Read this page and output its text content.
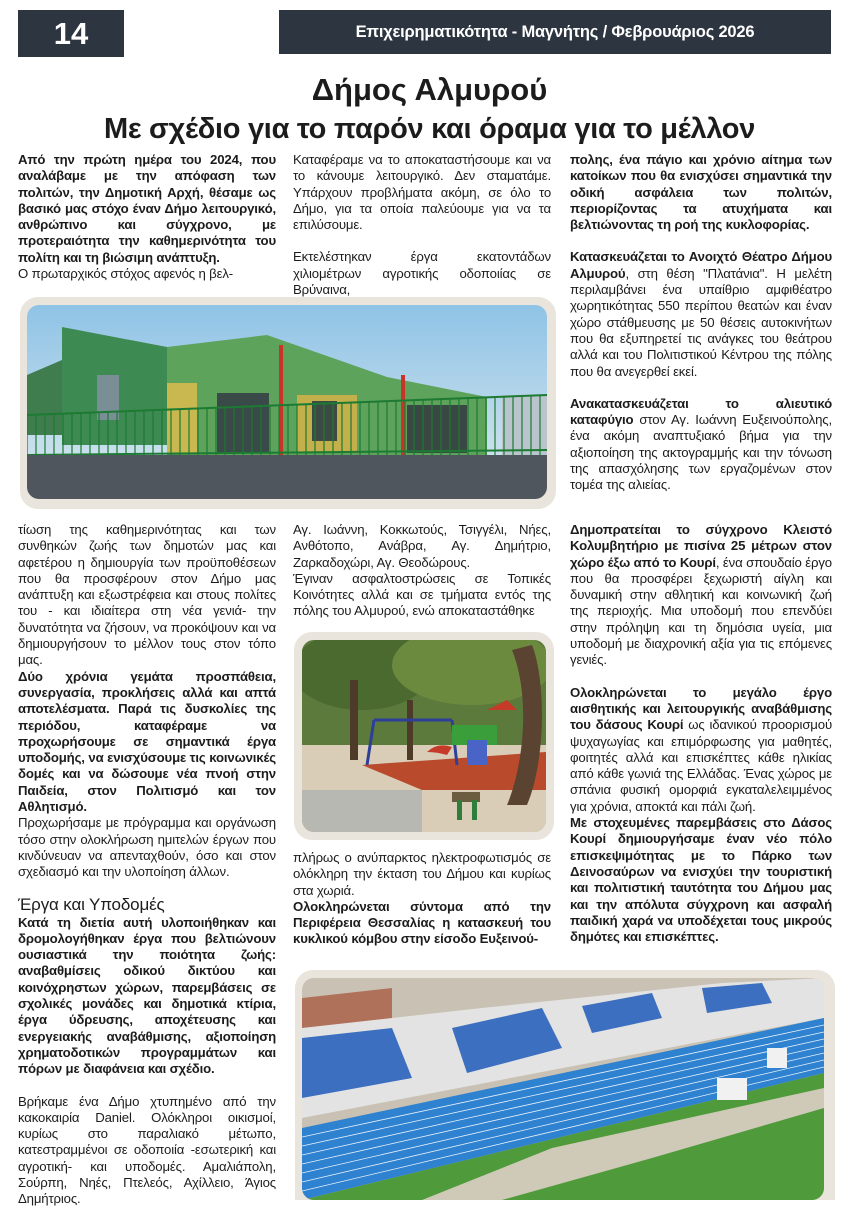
14	Επιχειρηματικότητα - Μαγνήτης / Φεβρουάριος 2026
Δήμος Αλμυρού
Με σχέδιο για το παρόν και όραμα για το μέλλον

Από την πρώτη ημέρα του 2024, που αναλάβαμε με την απόφαση των πολιτών, την Δημοτική Αρχή, θέσαμε ως βασικό μας στόχο έναν Δήμο λειτουργικό, ανθρώπινο και σύγχρονο, με προτεραιότητα την καθημερινότητα του πολίτη και τη βιώσιμη ανάπτυξη.

Ο πρωταρχικός στόχος αφενός η βελ-

Καταφέραμε να το αποκαταστήσουμε και να το κάνουμε λειτουργικό. Δεν σταματάμε. Υπάρχουν προβλήματα ακόμη, σε όλο το Δήμο, για τα οποία παλεύουμε για να τα επιλύσουμε.

Εκτελέστηκαν έργα εκατοντάδων χιλιομέτρων αγροτικής οδοποιίας σε Βρύναινα,

πολης, ένα πάγιο και χρόνιο αίτημα των κατοίκων που θα ενισχύσει σημαντικά την οδική ασφάλεια των πολιτών, περιορίζοντας τα ατυχήματα και βελτιώνοντας τη ροή της κυκλοφορίας.

Κατασκευάζεται το Ανοιχτό Θέατρο Δήμου Αλμυρού, στη θέση "Πλατάνια". Η μελέτη περιλαμβάνει ένα υπαίθριο αμφιθέατρο χωρητικότητας 550 περίπου θεατών και έναν χώρο στάθμευσης με 50 θέσεις αυτοκινήτων που θα εξυπηρετεί τις ανάγκες του θεάτρου αλλά και του Πολιτιστικού Κέντρου της πόλης που θα ανεγερθεί εκεί.

Ανακατασκευάζεται το αλιευτικό καταφύγιο στον Αγ. Ιωάννη Ευξεινούπολης, ένα ακόμη αναπτυξιακό βήμα για την αξιοποίηση της ακτογραμμής και την τόνωση της απασχόλησης των εργαζομένων στον τομέα της αλιείας.

τίωση της καθημερινότητας και των συνθηκών ζωής των δημοτών μας και αφετέρου η δημιουργία των προϋποθέσεων που θα προσφέρουν στον Δήμο μας ανάπτυξη και εξωστρέφεια και στους πολίτες του - και ιδιαίτερα στη νέα γενιά- την δυνατότητα να ζήσουν, να προκόψουν και να δημιουργήσουν το μέλλον τους στον τόπο μας.

Δύο χρόνια γεμάτα προσπάθεια, συνεργασία, προκλήσεις αλλά και απτά αποτελέσματα. Παρά τις δυσκολίες της περιόδου, καταφέραμε να προχωρήσουμε σε σημαντικά έργα υποδομής, να ενισχύσουμε τις κοινωνικές δομές και να δώσουμε νέα πνοή στην Παιδεία, στον Πολιτισμό και τον Αθλητισμό.

Προχωρήσαμε με πρόγραμμα και οργάνωση τόσο στην ολοκλήρωση ημιτελών έργων που κινδύνευαν να απενταχθούν, όσο και στον σχεδιασμό και την υλοποίηση άλλων.

Έργα και Υποδομές

Κατά τη διετία αυτή υλοποιήθηκαν και δρομολογήθηκαν έργα που βελτιώνουν ουσιαστικά την ποιότητα ζωής: αναβαθμίσεις οδικού δικτύου και κοινόχρηστων χώρων, παρεμβάσεις σε σχολικές μονάδες και δημοτικά κτίρια, έργα ύδρευσης, αποχέτευσης και ενεργειακής αναβάθμισης, αξιοποίηση χρηματοδοτικών προγραμμάτων και πόρων με διαφάνεια και σχέδιο.

Βρήκαμε ένα Δήμο χτυπημένο από την κακοκαιρία Daniel. Ολόκληροι οικισμοί, κυρίως στο παραλιακό μέτωπο, κατεστραμμένοι σε οδοποιία -εσωτερική και αγροτική- και υποδομές. Αμαλιάπολη, Σούρπη, Νηές, Πτελεός, Αχίλλειο, Άγιος Δημήτριος.

Αγ. Ιωάννη, Κοκκωτούς, Τσιγγέλι, Νήες, Ανθότοπο, Ανάβρα, Αγ. Δημήτριο, Ζαρκαδοχώρι, Αγ. Θεοδώρους.

Έγιναν ασφαλτοστρώσεις σε Τοπικές Κοινότητες αλλά και σε τμήματα εντός της πόλης του Αλμυρού, ενώ αποκαταστάθηκε

πλήρως ο ανύπαρκτος ηλεκτροφωτισμός σε ολόκληρη την έκταση του Δήμου και κυρίως στα χωριά.

Ολοκληρώνεται σύντομα από την Περιφέρεια Θεσσαλίας η κατασκευή του κυκλικού κόμβου στην είσοδο Ευξεινού-

Δημοπρατείται το σύγχρονο Κλειστό Κολυμβητήριο με πισίνα 25 μέτρων στον χώρο έξω από το Κουρί, ένα σπουδαίο έργο που θα προσφέρει ξεχωριστή αίγλη και δυναμική στην αθλητική και κοινωνική ζωή της περιοχής. Μια υποδομή που επενδύει στην πρόληψη και τη δημόσια υγεία, μια υποδομή με διαχρονική αξία για τις επόμενες γενιές.

Ολοκληρώνεται το μεγάλο έργο αισθητικής και λειτουργικής αναβάθμισης του δάσους Κουρί ως ιδανικού προορισμού ψυχαγωγίας και επιμόρφωσης για μαθητές, φοιτητές αλλά και επισκέπτες κάθε ηλικίας από κάθε γωνιά της Ελλάδας. Ένας χώρος με σπάνια φυσική ομορφιά εγκαταλελειμμένος για χρόνια, αποκτά και πάλι ζωή.

Με στοχευμένες παρεμβάσεις στο Δάσος Κουρί δημιουργήσαμε έναν νέο πόλο επισκεψιμότητας με το Πάρκο των Δεινοσαύρων να ενισχύει την τουριστική και πολιτιστική ταυτότητα του Δήμου μας και την απόλυτα σύγχρονη και ασφαλή παιδική χαρά να υποδέχεται τους μικρούς δημότες και επισκέπτες.
